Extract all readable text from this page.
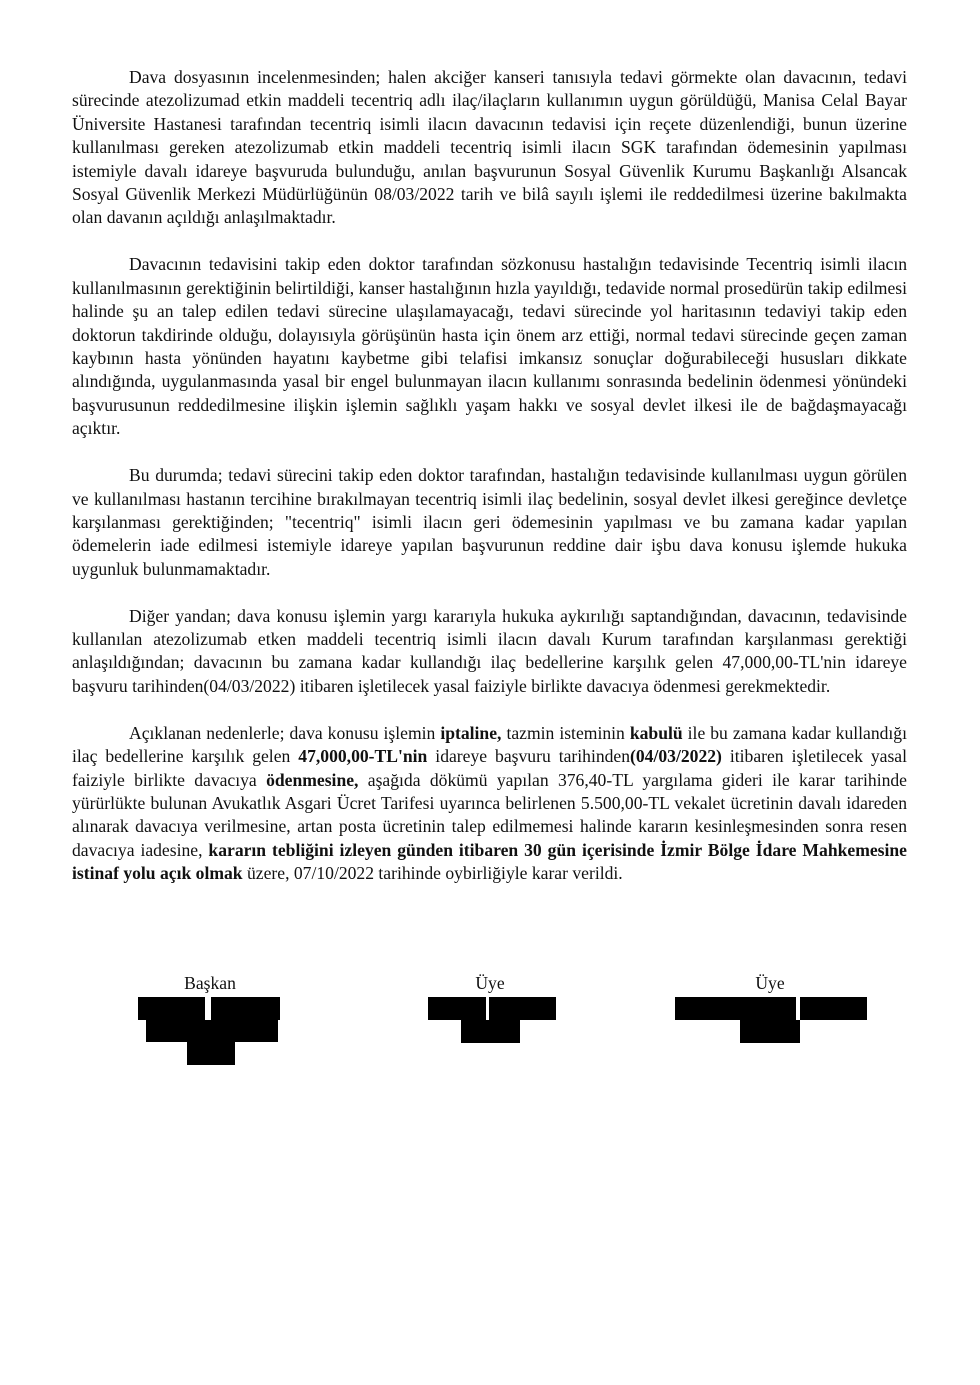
Dava dosyasının incelenmesinden; halen akciğer kanseri tanısıyla tedavi görmekte olan davacının, tedavi sürecinde atezolizumad etkin maddeli tecentriq adlı ilaç/ilaçların kullanımın uygun görüldüğü, Manisa Celal Bayar Üniversite Hastanesi tarafından tecentriq isimli ilacın davacının tedavisi için reçete düzenlendiği, bunun üzerine kullanılması gereken atezolizumab etkin maddeli tecentriq isimli ilacın SGK tarafından ödemesinin yapılması istemiyle davalı idareye başvuruda bulunduğu, anılan başvurunun Sosyal Güvenlik Kurumu Başkanlığı Alsancak Sosyal Güvenlik Merkezi Müdürlüğünün 08/03/2022 tarih ve bilâ sayılı işlemi ile reddedilmesi üzerine bakılmakta olan davanın açıldığı anlaşılmaktadır.

Davacının tedavisini takip eden doktor tarafından sözkonusu hastalığın tedavisinde Tecentriq isimli ilacın kullanılmasının gerektiğinin belirtildiği, kanser hastalığının hızla yayıldığı, tedavide normal prosedürün takip edilmesi halinde şu an talep edilen tedavi sürecine ulaşılamayacağı, tedavi sürecinde yol haritasının tedaviyi takip eden doktorun takdirinde olduğu, dolayısıyla görüşünün hasta için önem arz ettiği, normal tedavi sürecinde geçen zaman kaybının hasta yönünden hayatını kaybetme gibi telafisi imkansız sonuçlar doğurabileceği hususları dikkate alındığında, uygulanmasında yasal bir engel bulunmayan ilacın kullanımı sonrasında bedelinin ödenmesi yönündeki başvurusunun reddedilmesine ilişkin işlemin sağlıklı yaşam hakkı ve sosyal devlet ilkesi ile de bağdaşmayacağı açıktır.

Bu durumda; tedavi sürecini takip eden doktor tarafından, hastalığın tedavisinde kullanılması uygun görülen ve kullanılması hastanın tercihine bırakılmayan tecentriq isimli ilaç bedelinin, sosyal devlet ilkesi gereğince devletçe karşılanması gerektiğinden; "tecentriq" isimli ilacın geri ödemesinin yapılması ve bu zamana kadar yapılan ödemelerin iade edilmesi istemiyle idareye yapılan başvurunun reddine dair işbu dava konusu işlemde hukuka uygunluk bulunmamaktadır.

Diğer yandan; dava konusu işlemin yargı kararıyla hukuka aykırılığı saptandığından, davacının, tedavisinde kullanılan atezolizumab etken maddeli tecentriq isimli ilacın davalı Kurum tarafından karşılanması gerektiği anlaşıldığından; davacının bu zamana kadar kullandığı ilaç bedellerine karşılık gelen 47,000,00-TL'nin idareye başvuru tarihinden(04/03/2022) itibaren işletilecek yasal faiziyle birlikte davacıya ödenmesi gerekmektedir.

Açıklanan nedenlerle; dava konusu işlemin iptaline, tazmin isteminin kabulü ile bu zamana kadar kullandığı ilaç bedellerine karşılık gelen 47,000,00-TL'nin idareye başvuru tarihinden(04/03/2022) itibaren işletilecek yasal faiziyle birlikte davacıya ödenmesine, aşağıda dökümü yapılan 376,40-TL yargılama gideri ile karar tarihinde yürürlükte bulunan Avukatlık Asgari Ücret Tarifesi uyarınca belirlenen 5.500,00-TL vekalet ücretinin davalı idareden alınarak davacıya verilmesine, artan posta ücretinin talep edilmemesi halinde kararın kesinleşmesinden sonra resen davacıya iadesine, kararın tebliğini izleyen günden itibaren 30 gün içerisinde İzmir Bölge İdare Mahkemesine istinaf yolu açık olmak üzere, 07/10/2022 tarihinde oybirliğiyle karar verildi.

Başkan	Üye	Üye
